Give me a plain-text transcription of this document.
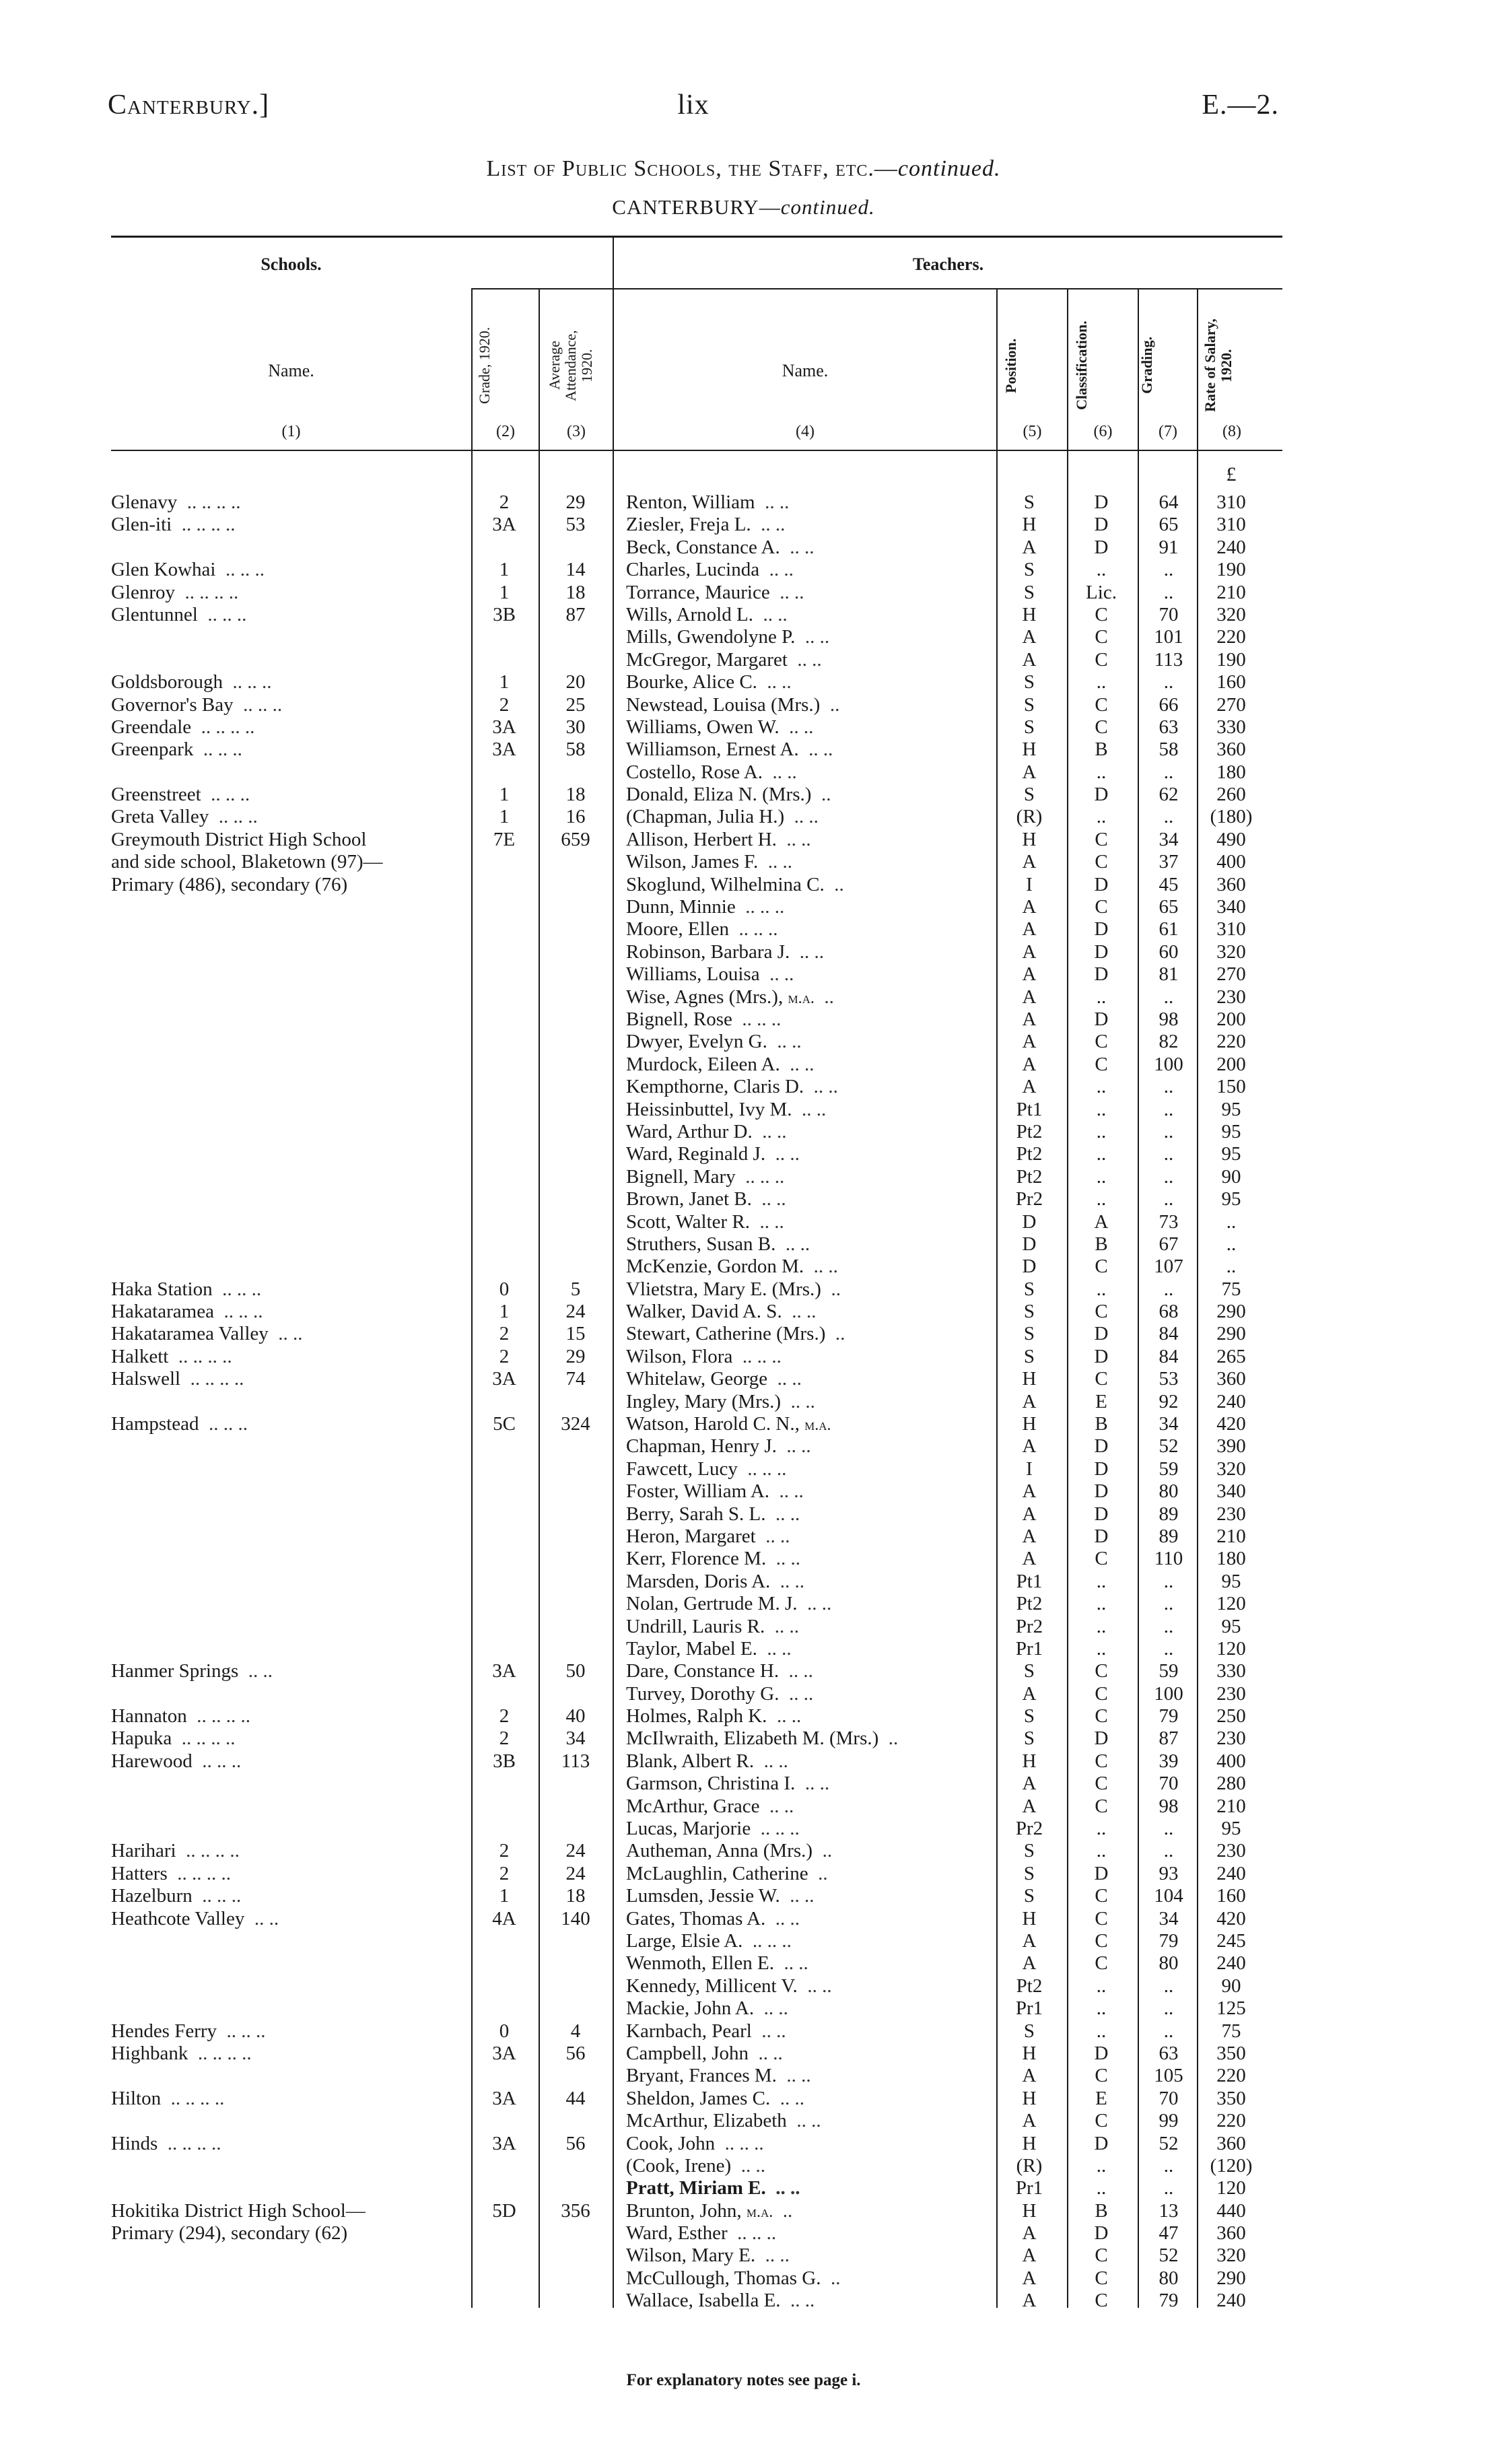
Canterbury.]	lix	E.—2.
List of Public Schools, the Staff, etc.—continued.
CANTERBURY—continued.
Schools.	Teachers.
Name.	Grade, 1920.	Average Attendance, 1920.	Name.	Position.	Classification.	Grading.	Rate of Salary, 1920.
(1)	(2)	(3)	(4)	(5)	(6)	(7)	(8)
£
Glenavy .. .. .. ..	2	29	Renton, William .. ..	S	D	64	310
Glen-iti .. .. .. ..	3A	53	Ziesler, Freja L. .. ..	H	D	65	310
Beck, Constance A. .. ..	A	D	91	240
Glen Kowhai .. .. ..	1	14	Charles, Lucinda .. ..	S	..	..	190
Glenroy .. .. .. ..	1	18	Torrance, Maurice .. ..	S	Lic.	..	210
Glentunnel .. .. ..	3B	87	Wills, Arnold L. .. ..	H	C	70	320
Mills, Gwendolyne P. .. ..	A	C	101	220
McGregor, Margaret .. ..	A	C	113	190
Goldsborough .. .. ..	1	20	Bourke, Alice C. .. ..	S	..	..	160
Governor's Bay .. .. ..	2	25	Newstead, Louisa (Mrs.) ..	S	C	66	270
Greendale .. .. .. ..	3A	30	Williams, Owen W. .. ..	S	C	63	330
Greenpark .. .. ..	3A	58	Williamson, Ernest A. .. ..	H	B	58	360
Costello, Rose A. .. ..	A	..	..	180
Greenstreet .. .. ..	1	18	Donald, Eliza N. (Mrs.) ..	S	D	62	260
Greta Valley .. .. ..	1	16	(Chapman, Julia H.) .. ..	(R)	..	..	(180)
Greymouth District High School	7E	659	Allison, Herbert H. .. ..	H	C	34	490
and side school, Blaketown (97)—	Wilson, James F. .. ..	A	C	37	400
Primary (486), secondary (76)	Skoglund, Wilhelmina C. ..	I	D	45	360
Dunn, Minnie .. .. ..	A	C	65	340
Moore, Ellen .. .. ..	A	D	61	310
Robinson, Barbara J. .. ..	A	D	60	320
Williams, Louisa .. ..	A	D	81	270
Wise, Agnes (Mrs.), m.a. ..	A	..	..	230
Bignell, Rose .. .. ..	A	D	98	200
Dwyer, Evelyn G. .. ..	A	C	82	220
Murdock, Eileen A. .. ..	A	C	100	200
Kempthorne, Claris D. .. ..	A	..	..	150
Heissinbuttel, Ivy M. .. ..	Pt1	..	..	95
Ward, Arthur D. .. ..	Pt2	..	..	95
Ward, Reginald J. .. ..	Pt2	..	..	95
Bignell, Mary .. .. ..	Pt2	..	..	90
Brown, Janet B. .. ..	Pr2	..	..	95
Scott, Walter R. .. ..	D	A	73	..
Struthers, Susan B. .. ..	D	B	67	..
McKenzie, Gordon M. .. ..	D	C	107	..
Haka Station .. .. ..	0	5	Vlietstra, Mary E. (Mrs.) ..	S	..	..	75
Hakataramea .. .. ..	1	24	Walker, David A. S. .. ..	S	C	68	290
Hakataramea Valley .. ..	2	15	Stewart, Catherine (Mrs.) ..	S	D	84	290
Halkett .. .. .. ..	2	29	Wilson, Flora .. .. ..	S	D	84	265
Halswell .. .. .. ..	3A	74	Whitelaw, George .. ..	H	C	53	360
Ingley, Mary (Mrs.) .. ..	A	E	92	240
Hampstead .. .. ..	5C	324	Watson, Harold C. N., m.a.	H	B	34	420
Chapman, Henry J. .. ..	A	D	52	390
Fawcett, Lucy .. .. ..	I	D	59	320
Foster, William A. .. ..	A	D	80	340
Berry, Sarah S. L. .. ..	A	D	89	230
Heron, Margaret .. ..	A	D	89	210
Kerr, Florence M. .. ..	A	C	110	180
Marsden, Doris A. .. ..	Pt1	..	..	95
Nolan, Gertrude M. J. .. ..	Pt2	..	..	120
Undrill, Lauris R. .. ..	Pr2	..	..	95
Taylor, Mabel E. .. ..	Pr1	..	..	120
Hanmer Springs .. ..	3A	50	Dare, Constance H. .. ..	S	C	59	330
Turvey, Dorothy G. .. ..	A	C	100	230
Hannaton .. .. .. ..	2	40	Holmes, Ralph K. .. ..	S	C	79	250
Hapuka .. .. .. ..	2	34	McIlwraith, Elizabeth M. (Mrs.) ..	S	D	87	230
Harewood .. .. ..	3B	113	Blank, Albert R. .. ..	H	C	39	400
Garmson, Christina I. .. ..	A	C	70	280
McArthur, Grace .. ..	A	C	98	210
Lucas, Marjorie .. .. ..	Pr2	..	..	95
Harihari .. .. .. ..	2	24	Autheman, Anna (Mrs.) ..	S	..	..	230
Hatters .. .. .. ..	2	24	McLaughlin, Catherine ..	S	D	93	240
Hazelburn .. .. ..	1	18	Lumsden, Jessie W. .. ..	S	C	104	160
Heathcote Valley .. ..	4A	140	Gates, Thomas A. .. ..	H	C	34	420
Large, Elsie A. .. .. ..	A	C	79	245
Wenmoth, Ellen E. .. ..	A	C	80	240
Kennedy, Millicent V. .. ..	Pt2	..	..	90
Mackie, John A. .. ..	Pr1	..	..	125
Hendes Ferry .. .. ..	0	4	Karnbach, Pearl .. ..	S	..	..	75
Highbank .. .. .. ..	3A	56	Campbell, John .. ..	H	D	63	350
Bryant, Frances M. .. ..	A	C	105	220
Hilton .. .. .. ..	3A	44	Sheldon, James C. .. ..	H	E	70	350
McArthur, Elizabeth .. ..	A	C	99	220
Hinds .. .. .. ..	3A	56	Cook, John .. .. ..	H	D	52	360
(Cook, Irene) .. ..	(R)	..	..	(120)
Pratt, Miriam E. .. ..	Pr1	..	..	120
Hokitika District High School—	5D	356	Brunton, John, m.a. ..	H	B	13	440
Primary (294), secondary (62)	Ward, Esther .. .. ..	A	D	47	360
Wilson, Mary E. .. ..	A	C	52	320
McCullough, Thomas G. ..	A	C	80	290
Wallace, Isabella E. .. ..	A	C	79	240
For explanatory notes see page i.
